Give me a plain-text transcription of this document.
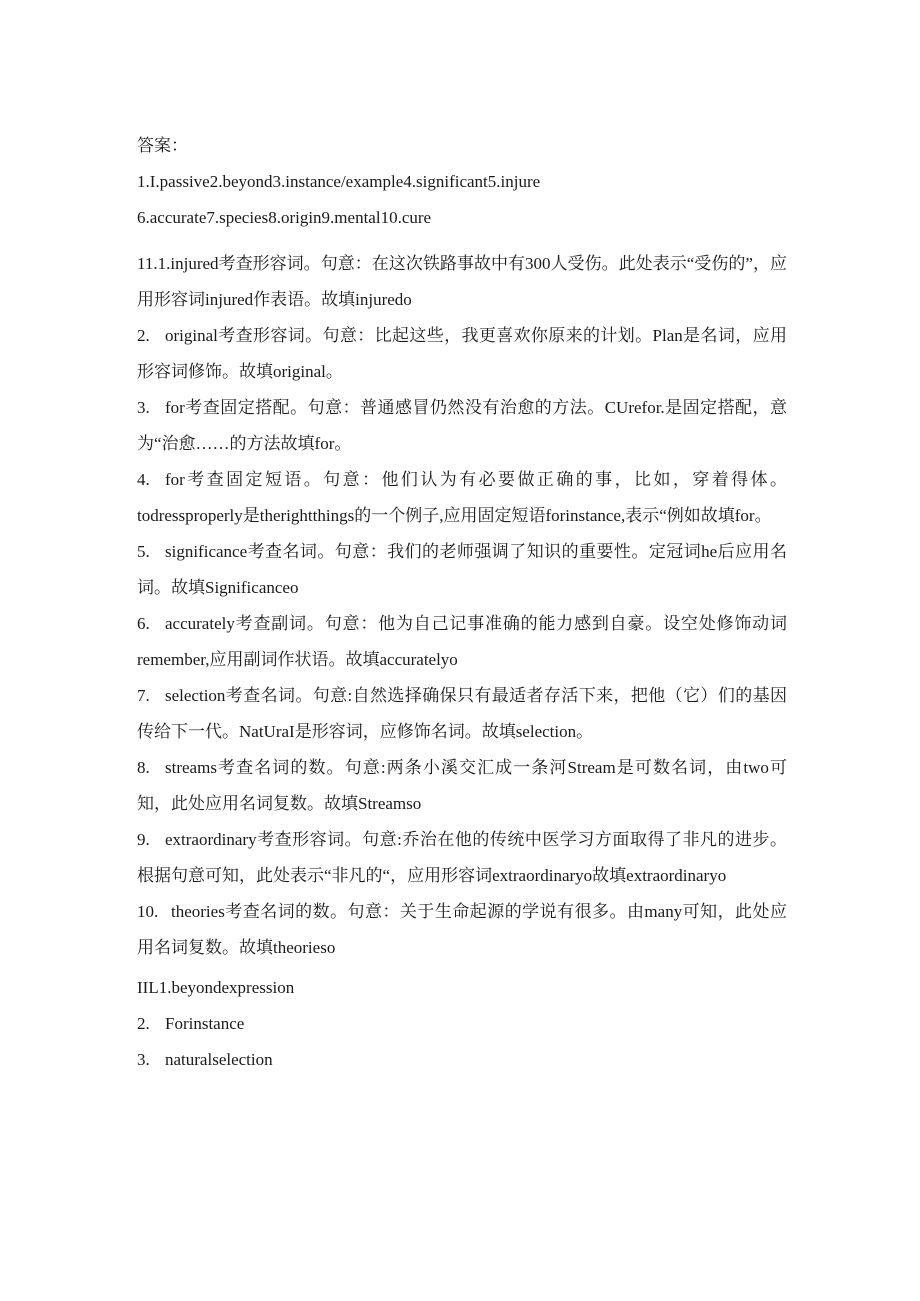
答案：
1.I.passive2.beyond3.instance/example4.significant5.injure
6.accurate7.species8.origin9.mental10.cure
11.1.injured考查形容词。句意：在这次铁路事故中有300人受伤。此处表示“受伤的”，应用形容词injured作表语。故填injuredo
2. original考查形容词。句意：比起这些，我更喜欢你原来的计划。Plan是名词，应用形容词修饰。故填original。
3. for考查固定搭配。句意：普通感冒仍然没有治愈的方法。CUrefor.是固定搭配，意为“治愈……的方法故填for。
4. for考查固定短语。句意：他们认为有必要做正确的事，比如，穿着得体。todressproperly是therightthings的一个例子,应用固定短语forinstance,表示“例如故填for。
5. significance考查名词。句意：我们的老师强调了知识的重要性。定冠词he后应用名词。故填Significanceo
6. accurately考查副词。句意：他为自己记事准确的能力感到自豪。设空处修饰动词remember,应用副词作状语。故填accuratelyo
7. selection考查名词。句意:自然选择确保只有最适者存活下来，把他（它）们的基因传给下一代。NatUraI是形容词，应修饰名词。故填selection。
8. streams考查名词的数。句意:两条小溪交汇成一条河Stream是可数名词，由two可知，此处应用名词复数。故填Streamso
9. extraordinary考查形容词。句意:乔治在他的传统中医学习方面取得了非凡的进步。根据句意可知，此处表示“非凡的“，应用形容词extraordinaryo故填extraordinaryo
10. theories考查名词的数。句意：关于生命起源的学说有很多。由many可知，此处应用名词复数。故填theorieso
IIL1.beyondexpression
2. Forinstance
3. naturalselection
